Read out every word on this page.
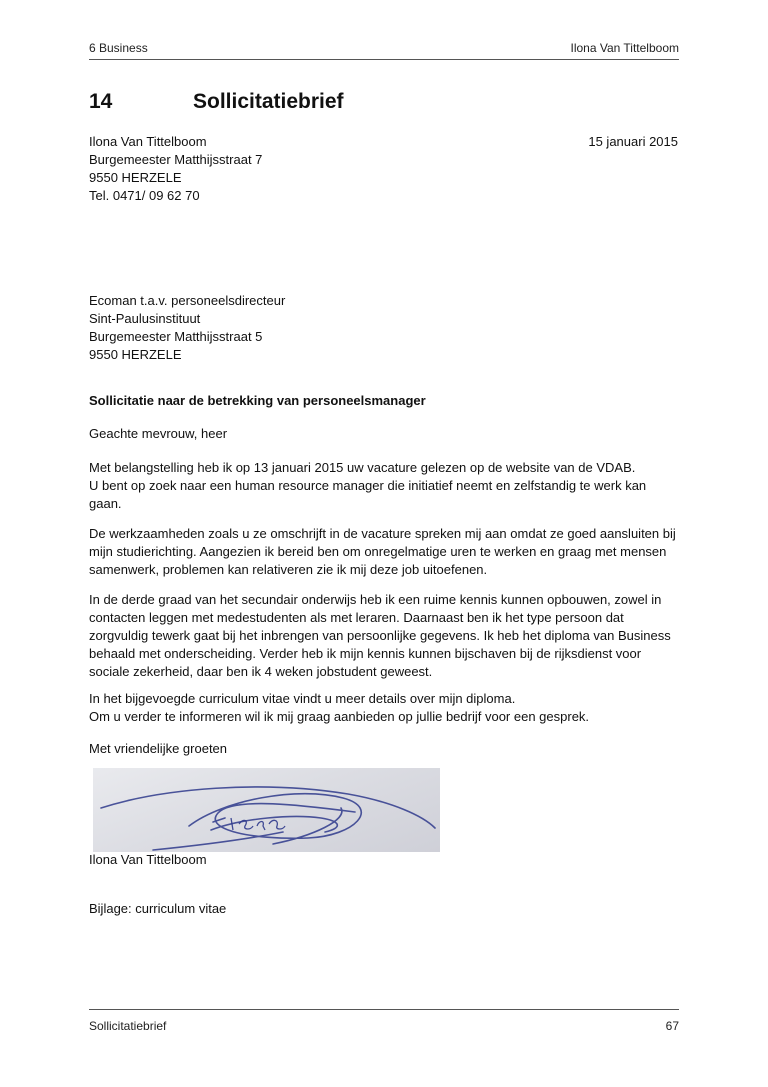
6 Business	Ilona Van Tittelboom
14	Sollicitatiebrief
Ilona Van Tittelboom
Burgemeester Matthijsstraat 7
9550 HERZELE
Tel. 0471/ 09 62 70
15 januari 2015
Ecoman t.a.v. personeelsdirecteur
Sint-Paulusinstituut
Burgemeester Matthijsstraat 5
9550 HERZELE
Sollicitatie naar de betrekking van personeelsmanager
Geachte mevrouw, heer
Met belangstelling heb ik op 13 januari 2015 uw vacature gelezen op de website van de VDAB.
U bent op zoek naar een human resource manager die initiatief neemt en zelfstandig te werk kan
gaan.
De werkzaamheden zoals u ze omschrijft in de vacature spreken mij aan omdat ze goed aansluiten bij
mijn studierichting. Aangezien ik bereid ben om onregelmatige uren te werken en graag met mensen
samenwerk, problemen kan relativeren zie ik mij deze job uitoefenen.
In de derde graad van het secundair onderwijs heb ik een ruime kennis kunnen opbouwen, zowel in
contacten leggen met medestudenten als met leraren. Daarnaast ben ik het type persoon dat
zorgvuldig tewerk gaat bij het inbrengen van persoonlijke gegevens. Ik heb het diploma van Business
behaald met onderscheiding. Verder heb ik mijn kennis kunnen bijschaven bij de rijksdienst voor
sociale zekerheid, daar ben ik 4 weken jobstudent geweest.
In het bijgevoegde curriculum vitae vindt u meer details over mijn diploma.
Om u verder te informeren wil ik mij graag aanbieden op jullie bedrijf voor een gesprek.
Met vriendelijke groeten
Ilona Van Tittelboom
Bijlage: curriculum vitae
Sollicitatiebrief	67
